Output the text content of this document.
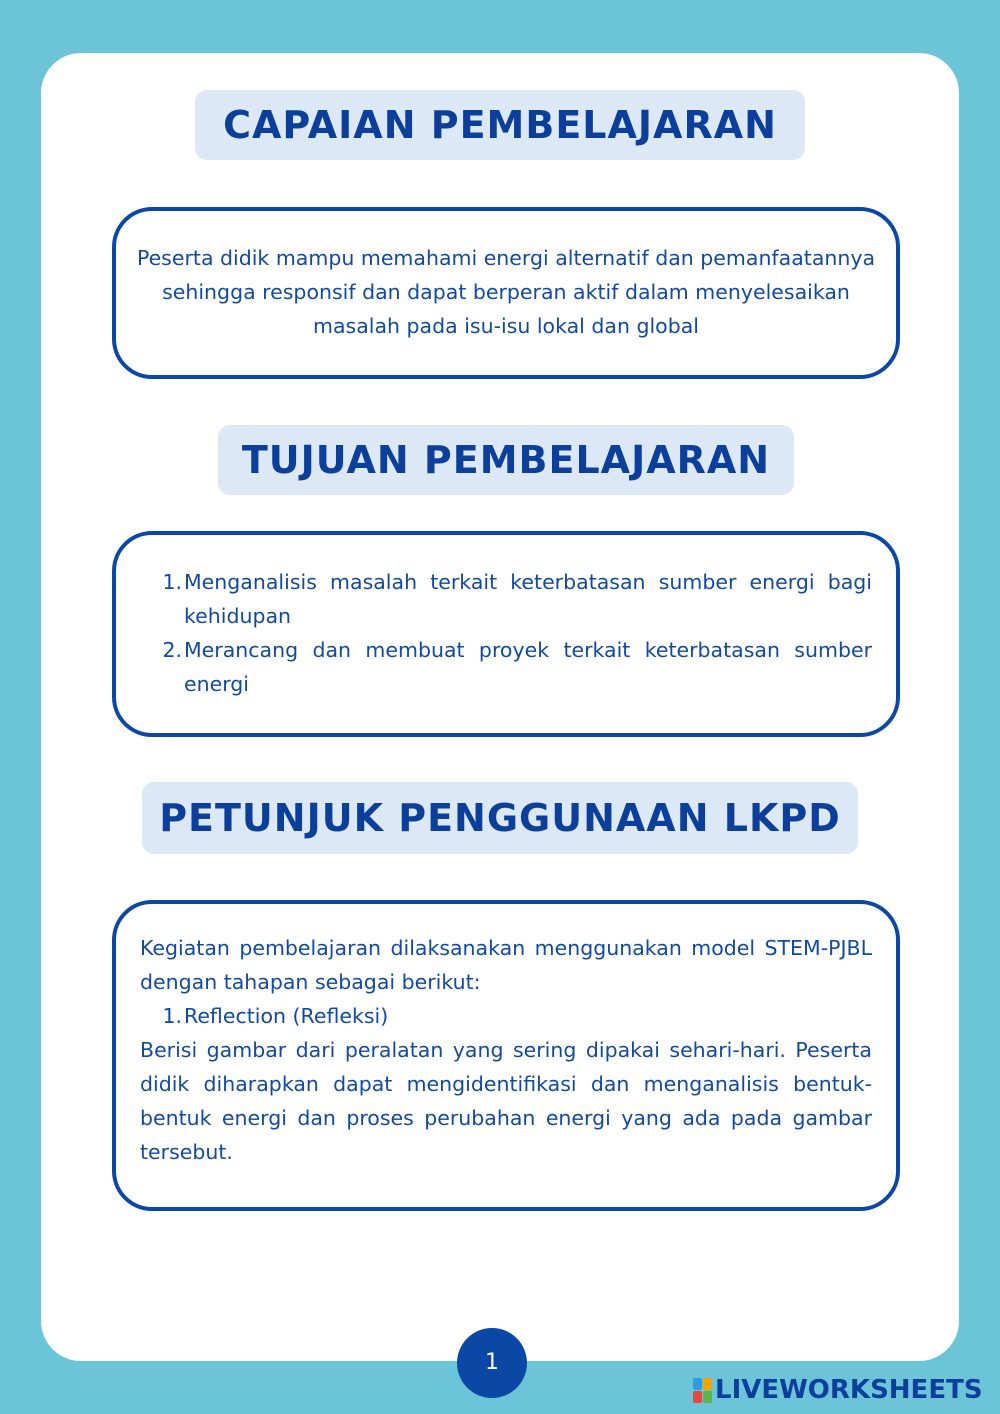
CAPAIAN PEMBELAJARAN

Peserta didik mampu memahami energi alternatif dan pemanfaatannya sehingga responsif dan dapat berperan aktif dalam menyelesaikan masalah pada isu-isu lokal dan global

TUJUAN PEMBELAJARAN
1. Menganalisis masalah terkait keterbatasan sumber energi bagi kehidupan
2. Merancang dan membuat proyek terkait keterbatasan sumber energi
PETUNJUK PENGGUNAAN LKPD

Kegiatan pembelajaran dilaksanakan menggunakan model STEM-PJBL dengan tahapan sebagai berikut:

1. Reflection (Refleksi)

Berisi gambar dari peralatan yang sering dipakai sehari-hari. Peserta didik diharapkan dapat mengidentifikasi dan menganalisis bentuk-bentuk energi dan proses perubahan energi yang ada pada gambar tersebut.

1
LIVEWORKSHEETS
